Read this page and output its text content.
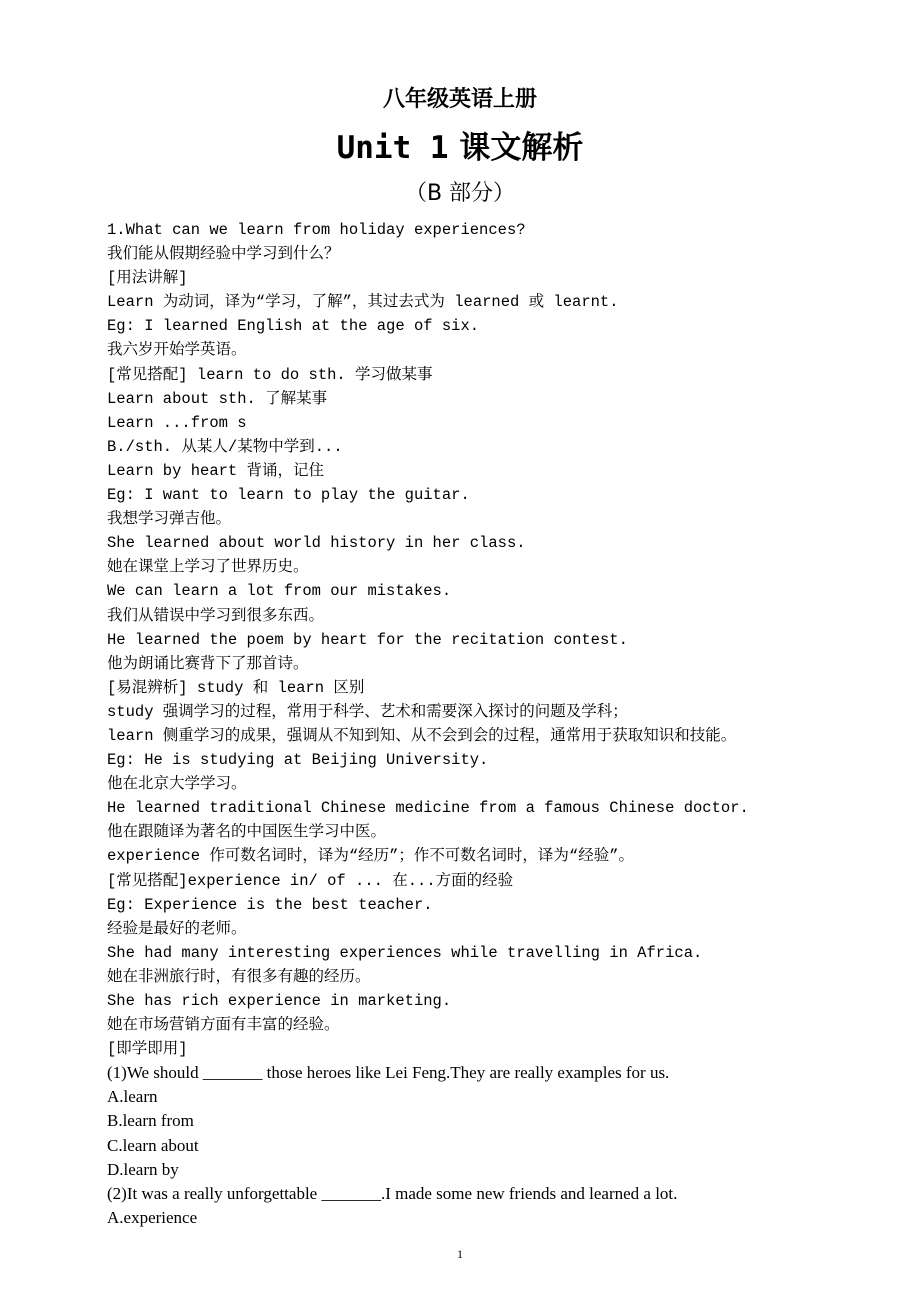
八年级英语上册
Unit 1 课文解析
（B 部分）
1.What can we learn from holiday experiences?
我们能从假期经验中学习到什么？
[用法讲解]
Learn 为动词，译为“学习，了解”，其过去式为 learned 或 learnt.
Eg: I learned English at the age of six.
我六岁开始学英语。
[常见搭配] learn to do sth. 学习做某事
Learn about sth. 了解某事
Learn ...from s
B./sth. 从某人/某物中学到...
Learn by heart 背诵，记住
Eg: I want to learn to play the guitar.
我想学习弹吉他。
She learned about world history in her class.
她在课堂上学习了世界历史。
We can learn a lot from our mistakes.
我们从错误中学习到很多东西。
He learned the poem by heart for the recitation contest.
他为朗诵比赛背下了那首诗。
[易混辨析] study 和 learn 区别
study 强调学习的过程，常用于科学、艺术和需要深入探讨的问题及学科；
learn 侧重学习的成果，强调从不知到知、从不会到会的过程，通常用于获取知识和技能。
Eg: He is studying at Beijing University.
他在北京大学学习。
He learned traditional Chinese medicine from a famous Chinese doctor.
他在跟随译为著名的中国医生学习中医。
experience 作可数名词时，译为“经历”；作不可数名词时，译为“经验”。
[常见搭配]experience in/ of ... 在...方面的经验
Eg: Experience is the best teacher.
经验是最好的老师。
She had many interesting experiences while travelling in Africa.
她在非洲旅行时，有很多有趣的经历。
She has rich experience in marketing.
她在市场营销方面有丰富的经验。
[即学即用]
(1)We should _______ those heroes like Lei Feng.They are really examples for us.
A.learn
B.learn from
C.learn about
D.learn by
(2)It was a really unforgettable _______.I made some new friends and learned a lot.
A.experience
1
